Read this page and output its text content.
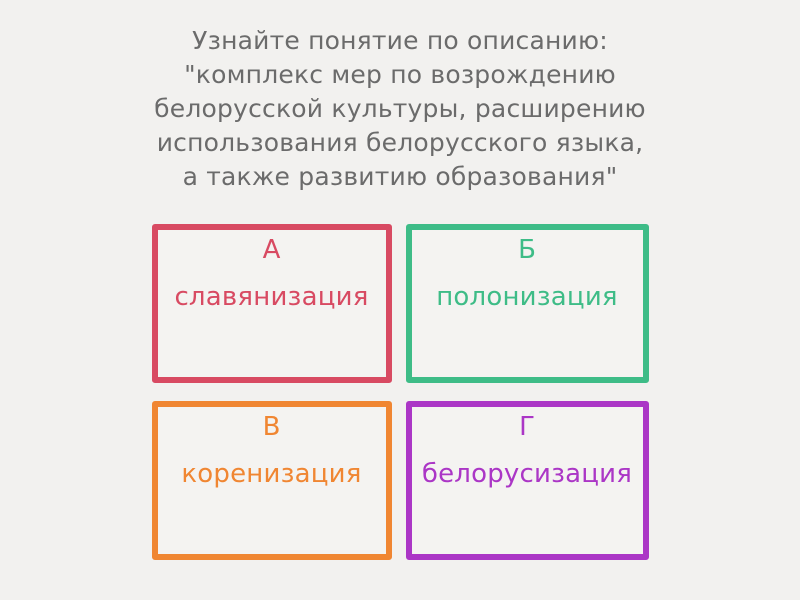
Узнайте понятие по описанию:
"комплекс мер по возрождению
белорусской культуры, расширению
использования белорусского языка,
а также развитию образования"
А
славянизация
Б
полонизация
В
коренизация
Г
белорусизация
